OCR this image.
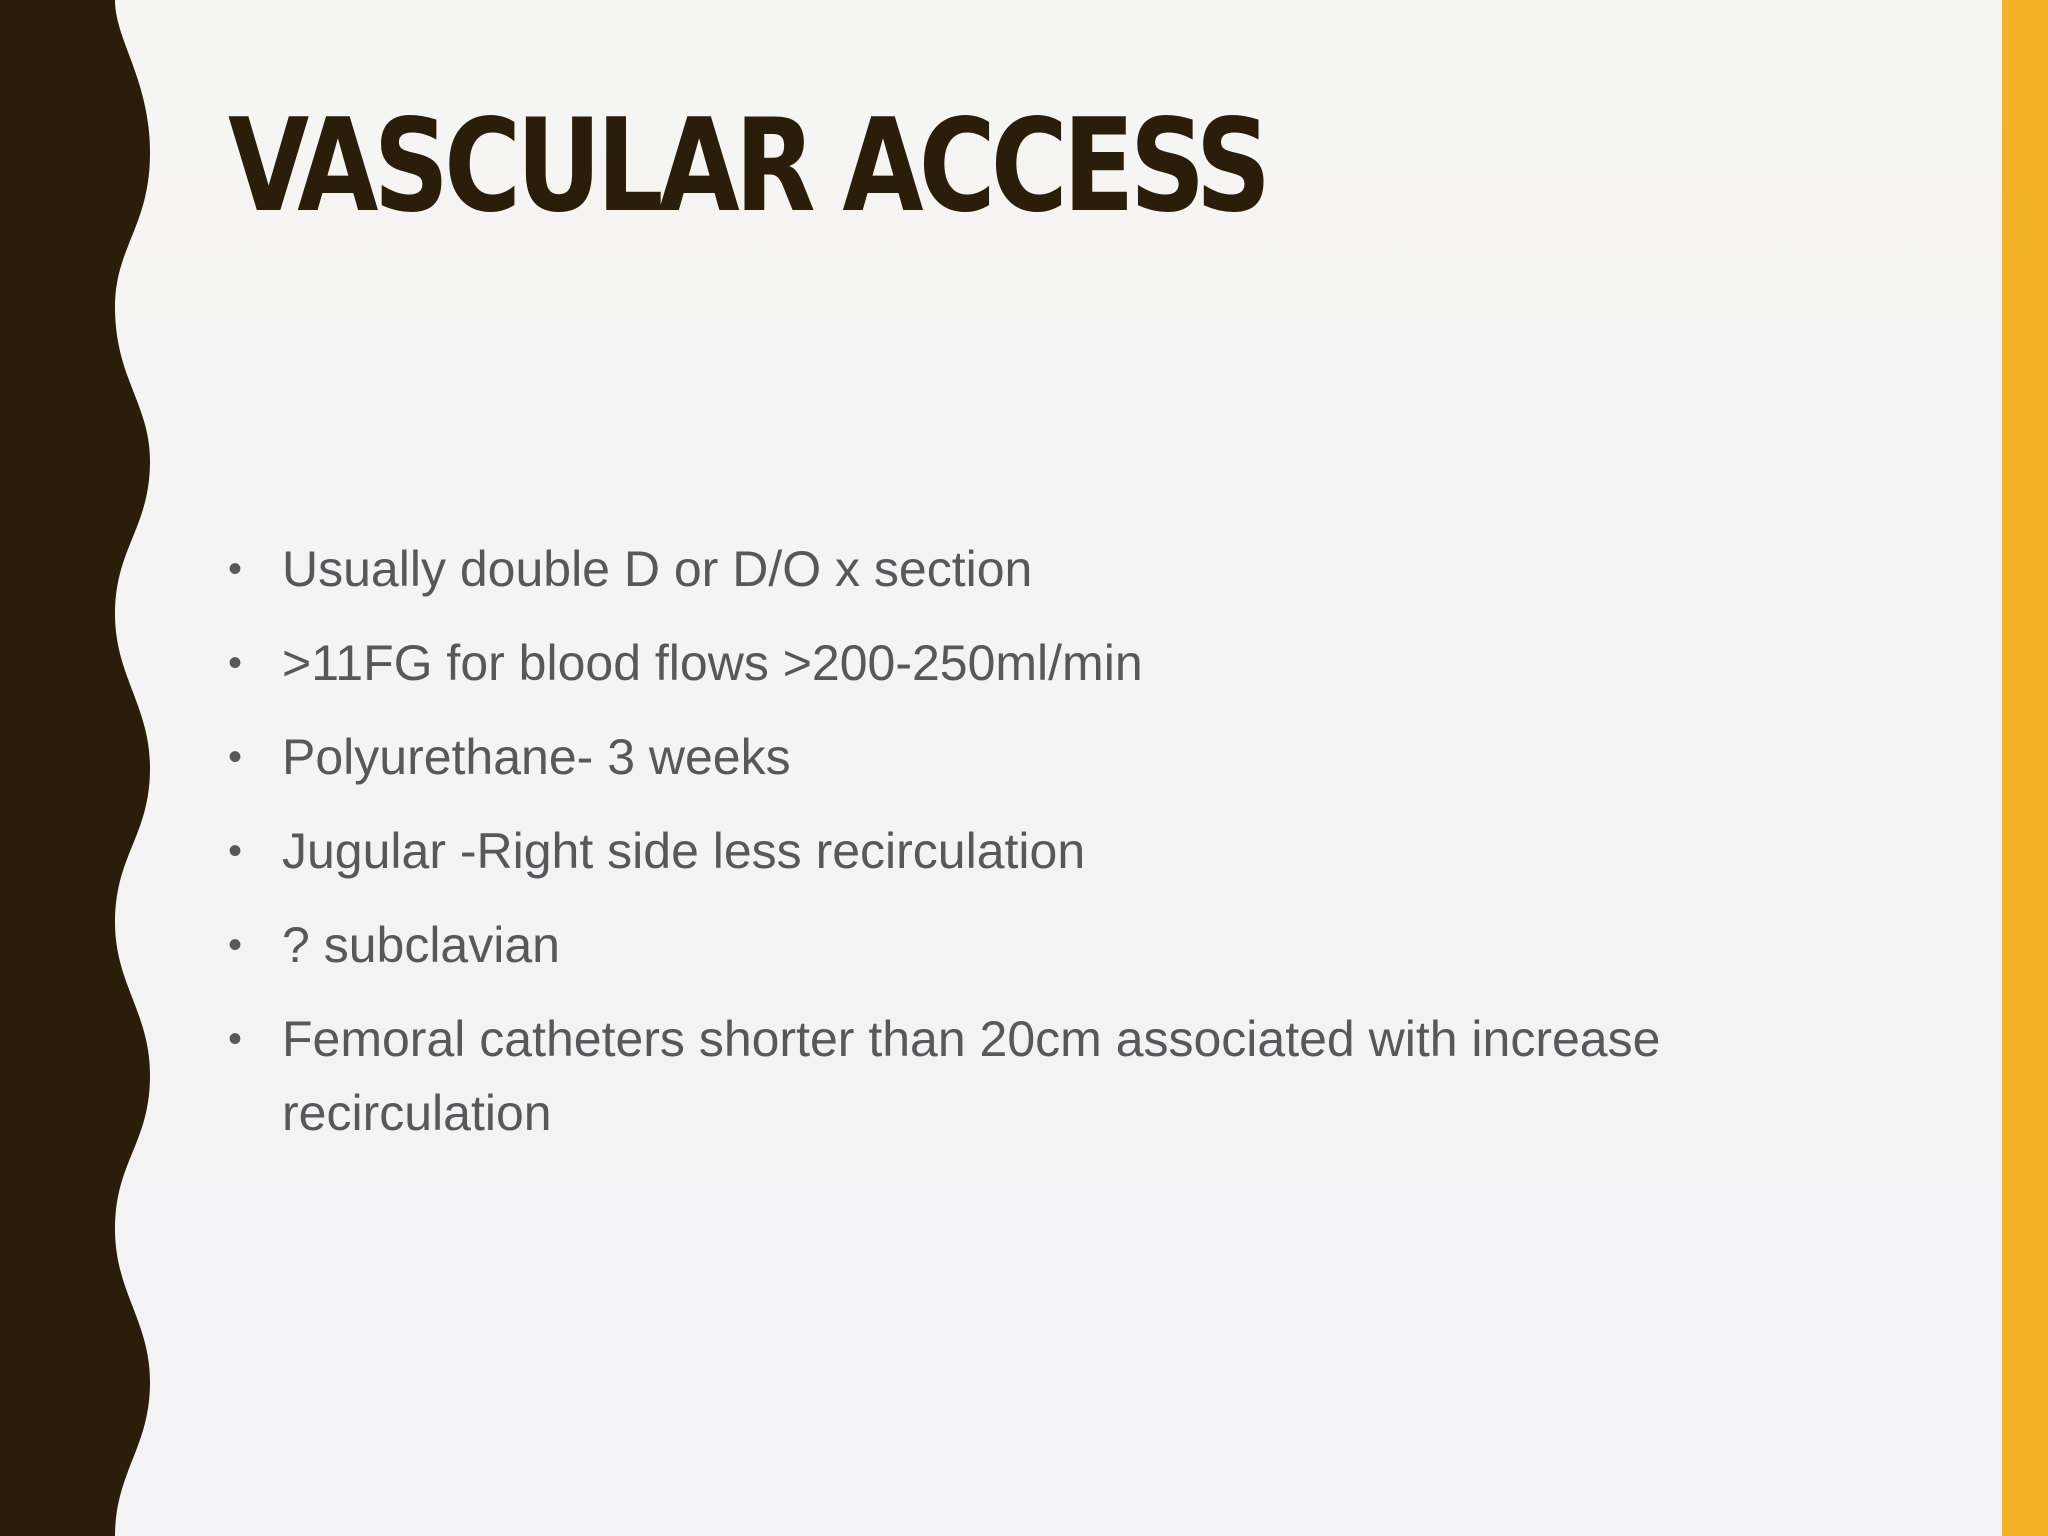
VASCULAR ACCESS
• Usually double D or D/O x section
• >11FG for blood flows >200-250ml/min
• Polyurethane- 3 weeks
• Jugular -Right side less recirculation
• ? subclavian
• Femoral catheters shorter than 20cm associated with increase recirculation
